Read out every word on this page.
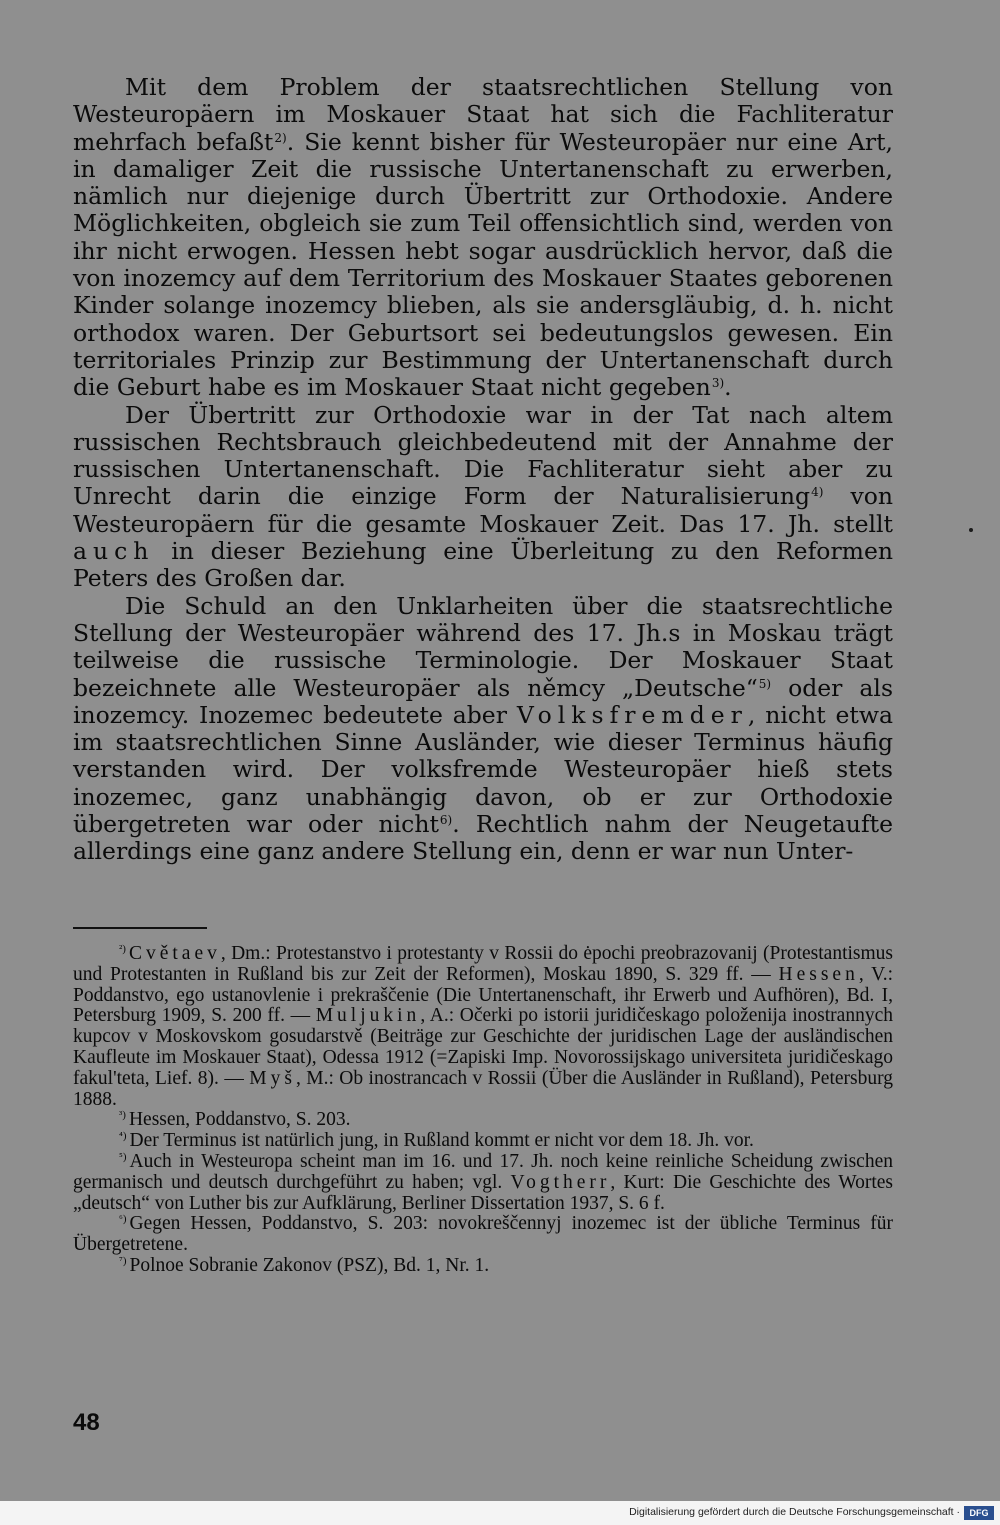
Mit dem Problem der staatsrechtlichen Stellung von Westeuropäern im Moskauer Staat hat sich die Fachliteratur mehrfach befaßt$^{2)}$. Sie kennt bisher für Westeuropäer nur eine Art, in damaliger Zeit die russische Untertanenschaft zu erwerben, nämlich nur diejenige durch Übertritt zur Orthodoxie. Andere Möglichkeiten, obgleich sie zum Teil offensichtlich sind, werden von ihr nicht erwogen. Hessen hebt sogar ausdrücklich hervor, daß die von inozemcy auf dem Territorium des Moskauer Staates geborenen Kinder solange inozemcy blieben, als sie andersgläubig, d. h. nicht orthodox waren. Der Geburtsort sei bedeutungslos gewesen. Ein territoriales Prinzip zur Bestimmung der Untertanenschaft durch die Geburt habe es im Moskauer Staat nicht gegeben$^{3)}$.

Der Übertritt zur Orthodoxie war in der Tat nach altem russischen Rechtsbrauch gleichbedeutend mit der Annahme der russischen Untertanenschaft. Die Fachliteratur sieht aber zu Unrecht darin die einzige Form der Naturalisierung$^{4)}$ von Westeuropäern für die gesamte Moskauer Zeit. Das 17. Jh. stellt auch in dieser Beziehung eine Überleitung zu den Reformen Peters des Großen dar.

Die Schuld an den Unklarheiten über die staatsrechtliche Stellung der Westeuropäer während des 17. Jh.s in Moskau trägt teilweise die russische Terminologie. Der Moskauer Staat bezeichnete alle Westeuropäer als němcy „Deutsche“$^{5)}$ oder als inozemcy. Inozemec bedeutete aber Volksfremder, nicht etwa im staatsrechtlichen Sinne Ausländer, wie dieser Terminus häufig verstanden wird. Der volksfremde Westeuropäer hieß stets inozemec, ganz unabhängig davon, ob er zur Orthodoxie übergetreten war oder nicht$^{6)}$. Rechtlich nahm der Neugetaufte allerdings eine ganz andere Stellung ein, denn er war nun Unter-

$^{^2)}$ Cvětaev, Dm.: Protestanstvo i protestanty v Rossii do ėpochi preobrazovanij (Protestantismus und Protestanten in Rußland bis zur Zeit der Reformen), Moskau 1890, S. 329 ff. — Hessen, V.: Poddanstvo, ego ustanovlenie i prekraščenie (Die Untertanenschaft, ihr Erwerb und Aufhören), Bd. I, Petersburg 1909, S. 200 ff. — Muljukin, A.: Očerki po istorii juridičeskago položenija inostrannych kupcov v Moskovskom gosudarstvě (Beiträge zur Geschichte der juridischen Lage der ausländischen Kaufleute im Moskauer Staat), Odessa 1912 (=Zapiski Imp. Novorossijskago universiteta juridičeskago fakul'teta, Lief. 8). — Myš, M.: Ob inostrancach v Rossii (Über die Ausländer in Rußland), Petersburg 1888.

$^{^3)}$ Hessen, Poddanstvo, S. 203.

$^{^4)}$ Der Terminus ist natürlich jung, in Rußland kommt er nicht vor dem 18. Jh. vor.

$^{^5)}$ Auch in Westeuropa scheint man im 16. und 17. Jh. noch keine reinliche Scheidung zwischen germanisch und deutsch durchgeführt zu haben; vgl. Vogtherr, Kurt: Die Geschichte des Wortes „deutsch“ von Luther bis zur Aufklärung, Berliner Dissertation 1937, S. 6 f.

$^{^6)}$ Gegen Hessen, Poddanstvo, S. 203: novokreščennyj inozemec ist der übliche Terminus für Übergetretene.

$^{^7)}$ Polnoe Sobranie Zakonov (PSZ), Bd. 1, Nr. 1.

48
Digitalisierung gefördert durch die Deutsche Forschungsgemeinschaft ·	DFG
